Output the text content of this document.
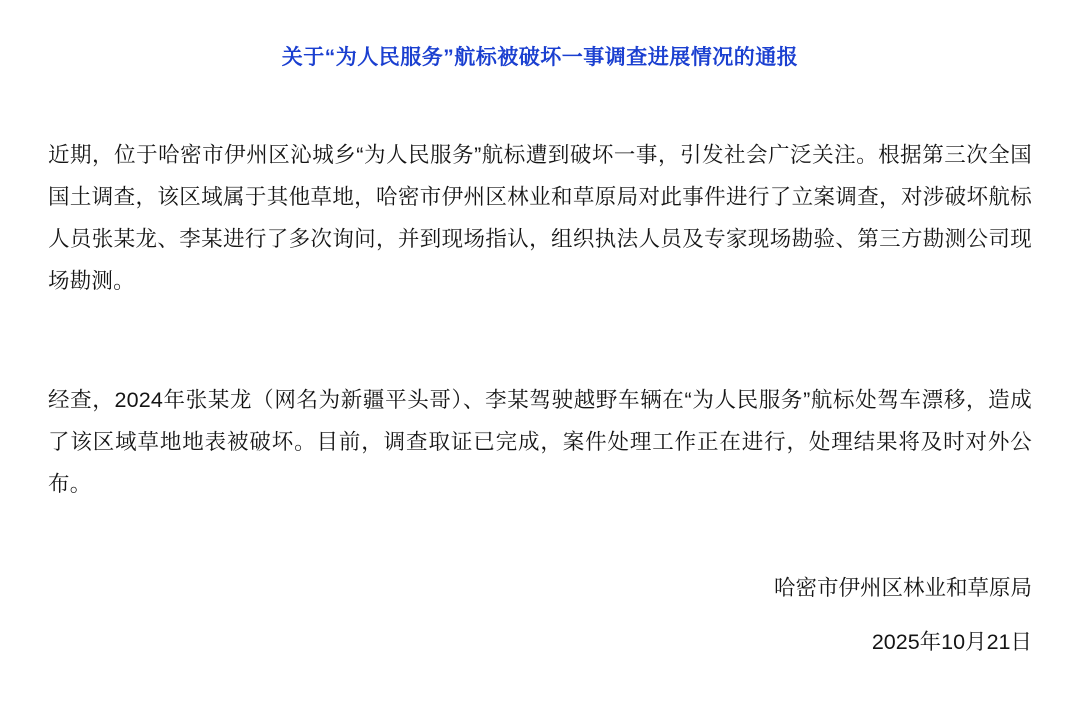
关于“为人民服务”航标被破坏一事调查进展情况的通报

近期，位于哈密市伊州区沁城乡“为人民服务”航标遭到破坏一事，引发社会广泛关注。根据第三次全国国土调查，该区域属于其他草地，哈密市伊州区林业和草原局对此事件进行了立案调查，对涉破坏航标人员张某龙、李某进行了多次询问，并到现场指认，组织执法人员及专家现场勘验、第三方勘测公司现场勘测。

经查，2024年张某龙（网名为新疆平头哥）、李某驾驶越野车辆在“为人民服务”航标处驾车漂移，造成了该区域草地地表被破坏。目前，调查取证已完成，案件处理工作正在进行，处理结果将及时对外公布。

哈密市伊州区林业和草原局
2025年10月21日
